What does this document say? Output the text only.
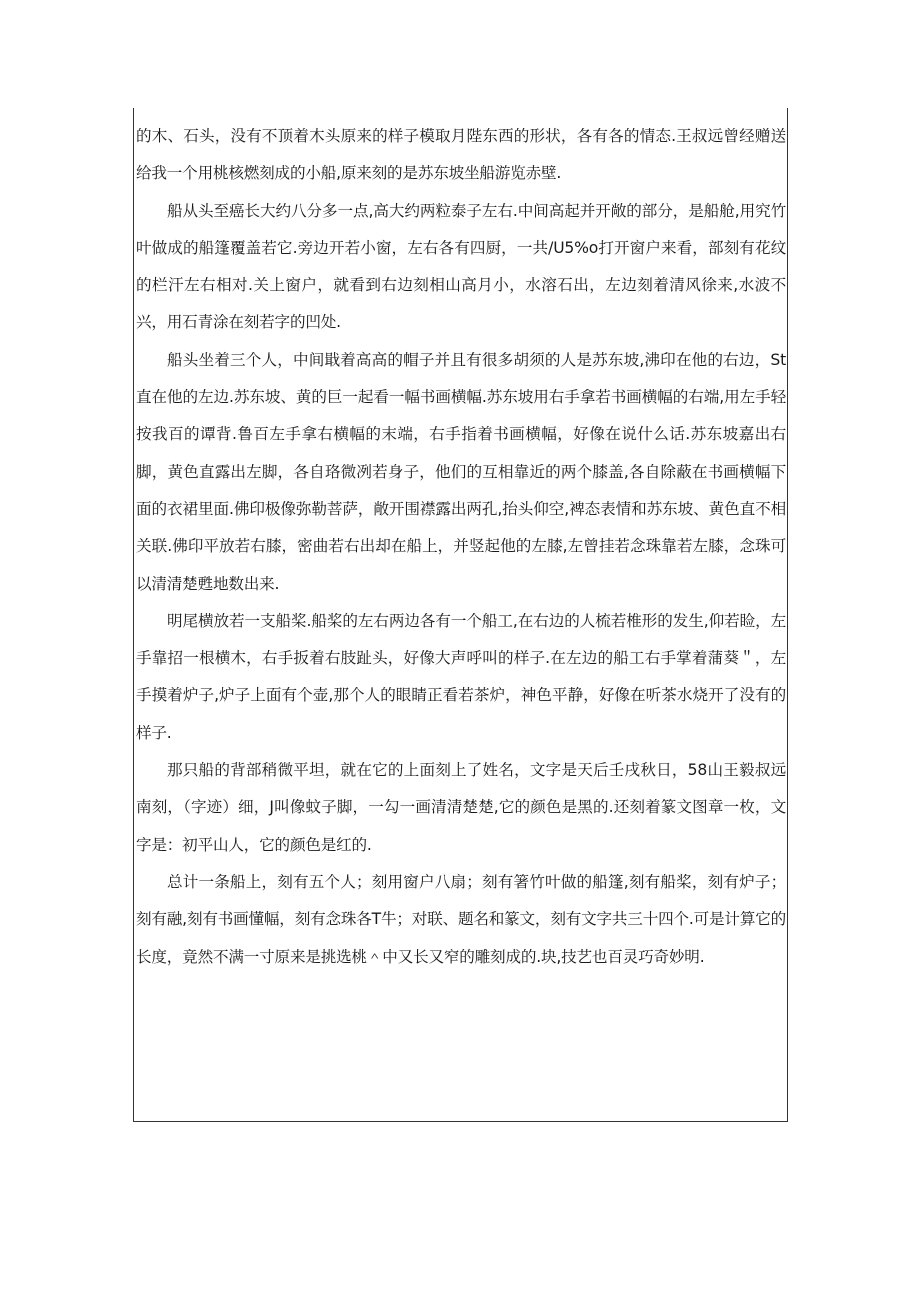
的木、石头，没有不顶着木头原来的样子模取月陛东西的形状，各有各的情态.王叔远曾经赠送给我一个用桃核燃刻成的小船,原来刻的是苏东坡坐船游览赤壁.

船从头至癌长大约八分多一点,高大约两粒泰子左右.中间高起并开敞的部分，是船舱,用究竹叶做成的船篷覆盖若它.旁边开若小窗，左右各有四厨，一共/U5%o打开窗户来看，部刻有花纹的栏汗左右相对.关上窗户，就看到右边刻相山高月小，水溶石出，左边刻着清风徐来,水波不兴，用石青涂在刻若字的凹处.

船头坐着三个人，中间戢着高高的帽子并且有很多胡须的人是苏东坡,沸印在他的右边，St直在他的左边.苏东坡、黄的巨一起看一幅书画横幅.苏东坡用右手拿若书画横幅的右端,用左手轻按我百的谭背.鲁百左手拿右横幅的末端，右手指着书画横幅，好像在说什么话.苏东坡嘉出右脚，黄色直露出左脚，各自珞微冽若身子，他们的互相靠近的两个膝盖,各自除蔽在书画横幅下面的衣裙里面.佛印极像弥勒菩萨，敞开围襟露出两孔,抬头仰空,裨态表情和苏东坡、黄色直不相关联.佛印平放若右膝，密曲若右出却在船上，并竖起他的左膝,左曾挂若念珠靠若左膝，念珠可以清清楚甦地数出来.

明尾横放若一支船桨.船桨的左右两边各有一个船工,在右边的人梳若椎形的发生,仰若睑，左手靠招一根横木，右手扳着右肢趾头，好像大声呼叫的样子.在左边的船工右手掌着蒲葵＂，左手摸着炉子,炉子上面有个壶,那个人的眼睛正看若茶炉，神色平静，好像在听茶水烧开了没有的样子.

那只船的背部稍微平坦，就在它的上面刻上了姓名，文字是天后壬戌秋日，58山王毅叔远南刻，（字迹）细，J叫像蚊子脚，一勾一画清清楚楚,它的颜色是黑的.还刻着篆文图章一枚，文字是：初平山人，它的颜色是红的.

总计一条船上，刻有五个人；刻用窗户八扇；刻有箸竹叶做的船篷,刻有船桨，刻有炉子；刻有融,刻有书画懂幅，刻有念珠各T牛；对联、题名和篆文，刻有文字共三十四个.可是计算它的长度，竟然不满一寸原来是挑选桃＾中又长又窄的雕刻成的.块,技艺也百灵巧奇妙明.
